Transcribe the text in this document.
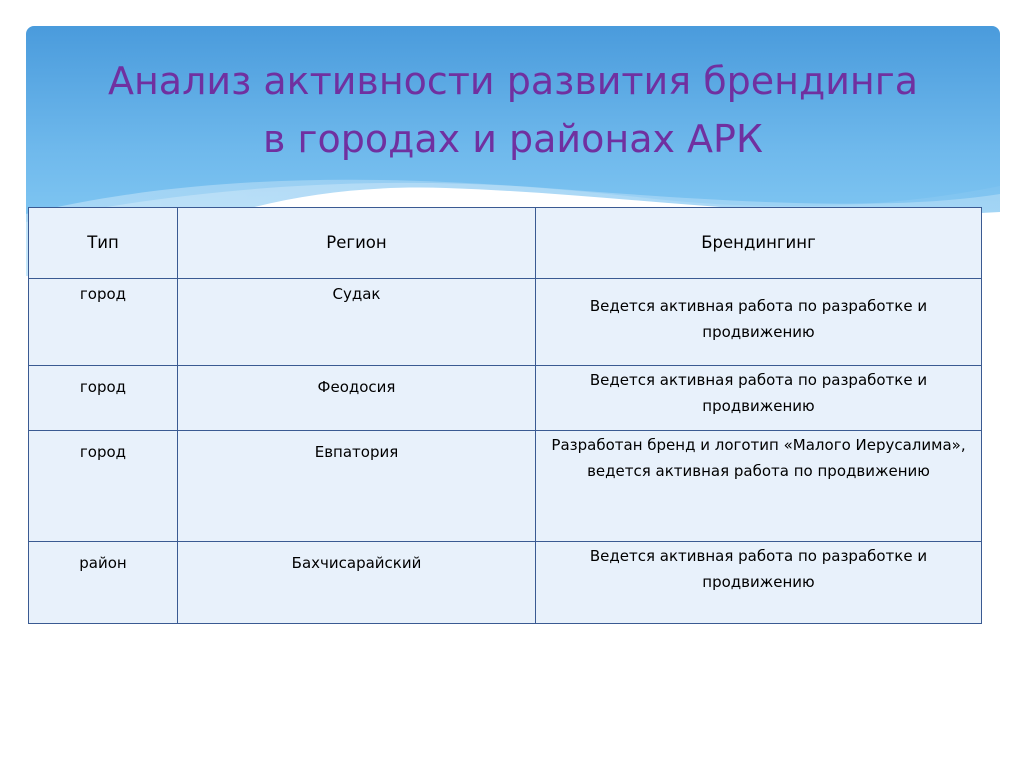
Анализ активности развития брендинга
в городах и районах АРК
Тип	Регион	Брендингинг
город	Судак	Ведется активная работа по разработке и продвижению
город	Феодосия	Ведется активная работа по разработке и продвижению
город	Евпатория	Разработан бренд и логотип «Малого Иерусалима», ведется активная работа по продвижению
район	Бахчисарайский	Ведется активная работа по разработке и продвижению
